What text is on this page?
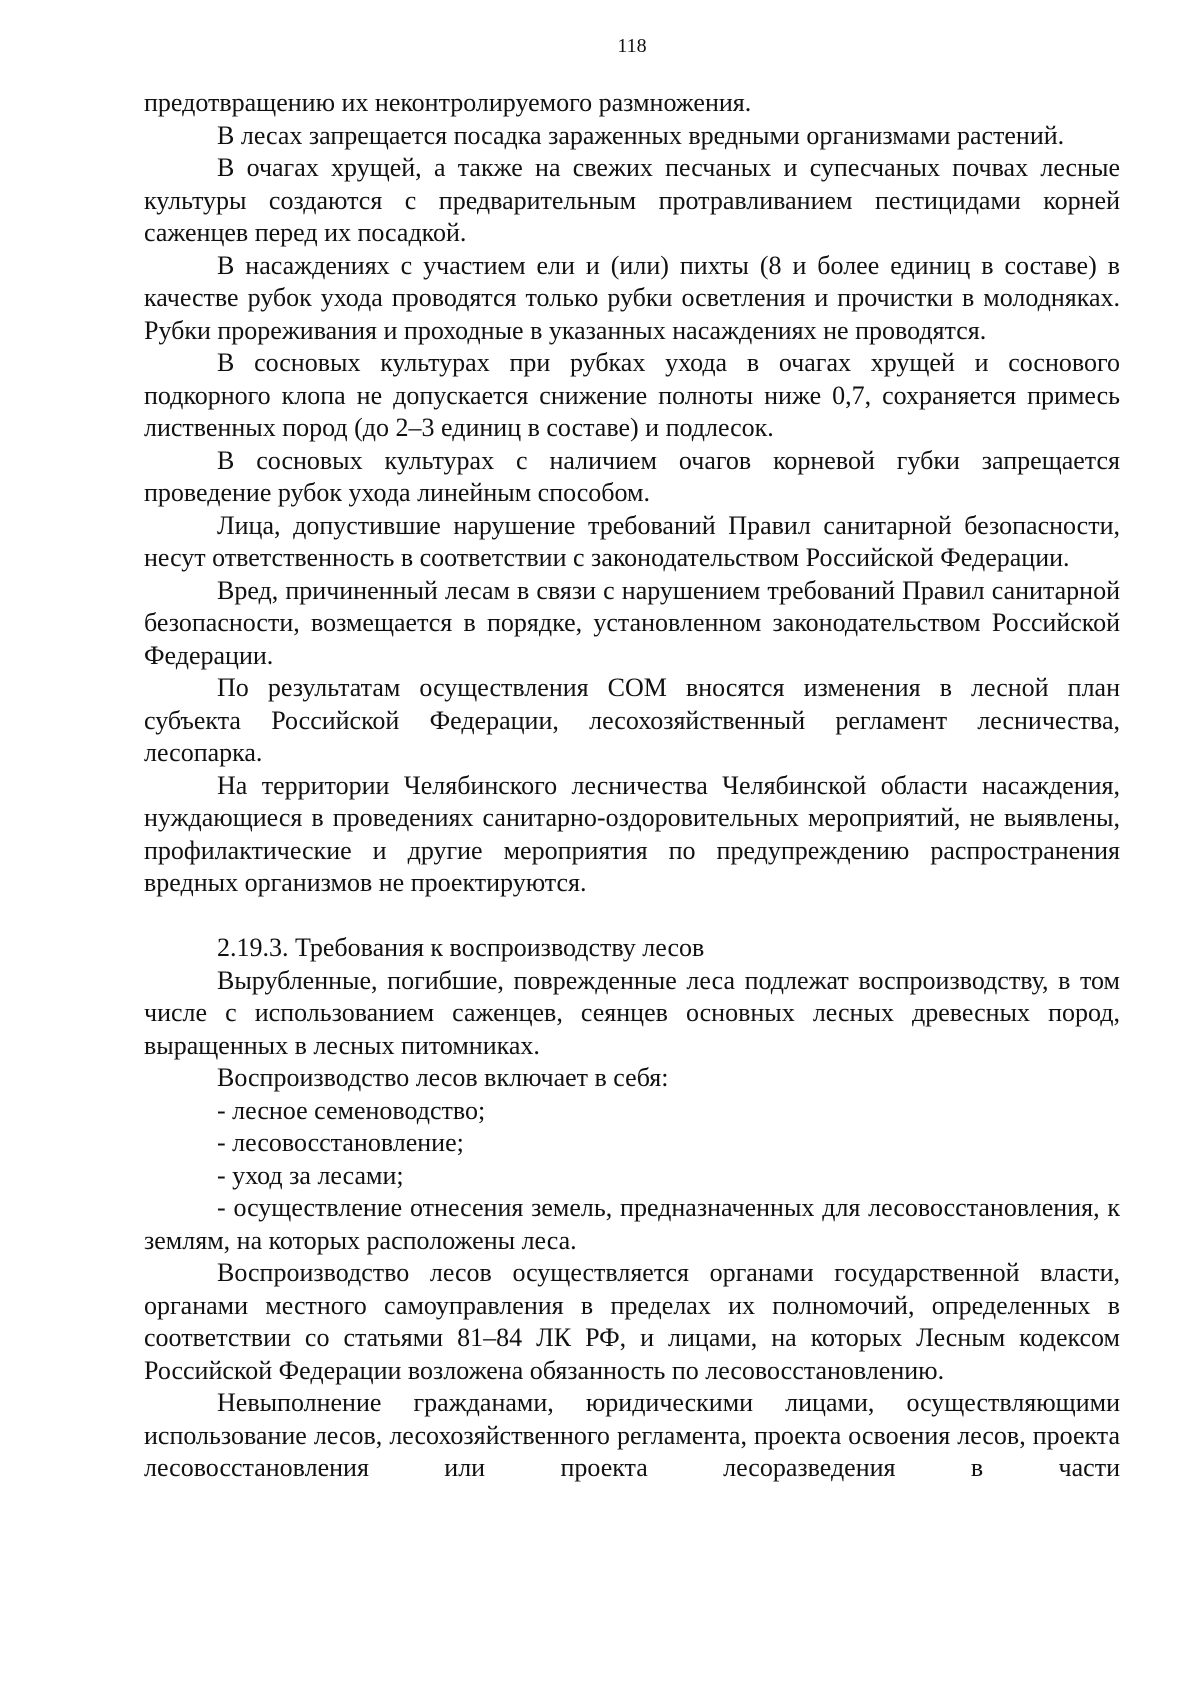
118

предотвращению их неконтролируемого размножения.

В лесах запрещается посадка зараженных вредными организмами растений.

В очагах хрущей, а также на свежих песчаных и супесчаных почвах лесные культуры создаются с предварительным протравливанием пестицидами корней саженцев перед их посадкой.

В насаждениях с участием ели и (или) пихты (8 и более единиц в составе) в качестве рубок ухода проводятся только рубки осветления и прочистки в молодняках. Рубки прореживания и проходные в указанных насаждениях не проводятся.

В сосновых культурах при рубках ухода в очагах хрущей и соснового подкорного клопа не допускается снижение полноты ниже 0,7, сохраняется примесь лиственных пород (до 2–3 единиц в составе) и подлесок.

В сосновых культурах с наличием очагов корневой губки запрещается проведение рубок ухода линейным способом.

Лица, допустившие нарушение требований Правил санитарной безопасности, несут ответственность в соответствии с законодательством Российской Федерации.

Вред, причиненный лесам в связи с нарушением требований Правил санитарной безопасности, возмещается в порядке, установленном законодательством Российской Федерации.

По результатам осуществления СОМ вносятся изменения в лесной план субъекта Российской Федерации, лесохозяйственный регламент лесничества, лесопарка.

На территории Челябинского лесничества Челябинской области насаждения, нуждающиеся в проведениях санитарно-оздоровительных мероприятий, не выявлены, профилактические и другие мероприятия по предупреждению распространения вредных организмов не проектируются.

2.19.3. Требования к воспроизводству лесов

Вырубленные, погибшие, поврежденные леса подлежат воспроизводству, в том числе с использованием саженцев, сеянцев основных лесных древесных пород, выращенных в лесных питомниках.

Воспроизводство лесов включает в себя:

- лесное семеноводство;

- лесовосстановление;

- уход за лесами;

- осуществление отнесения земель, предназначенных для лесовосстановления, к землям, на которых расположены леса.

Воспроизводство лесов осуществляется органами государственной власти, органами местного самоуправления в пределах их полномочий, определенных в соответствии со статьями 81–84 ЛК РФ, и лицами, на которых Лесным кодексом Российской Федерации возложена обязанность по лесовосстановлению.

Невыполнение гражданами, юридическими лицами, осуществляющими использование лесов, лесохозяйственного регламента, проекта освоения лесов, проекта лесовосстановления или проекта лесоразведения в части
